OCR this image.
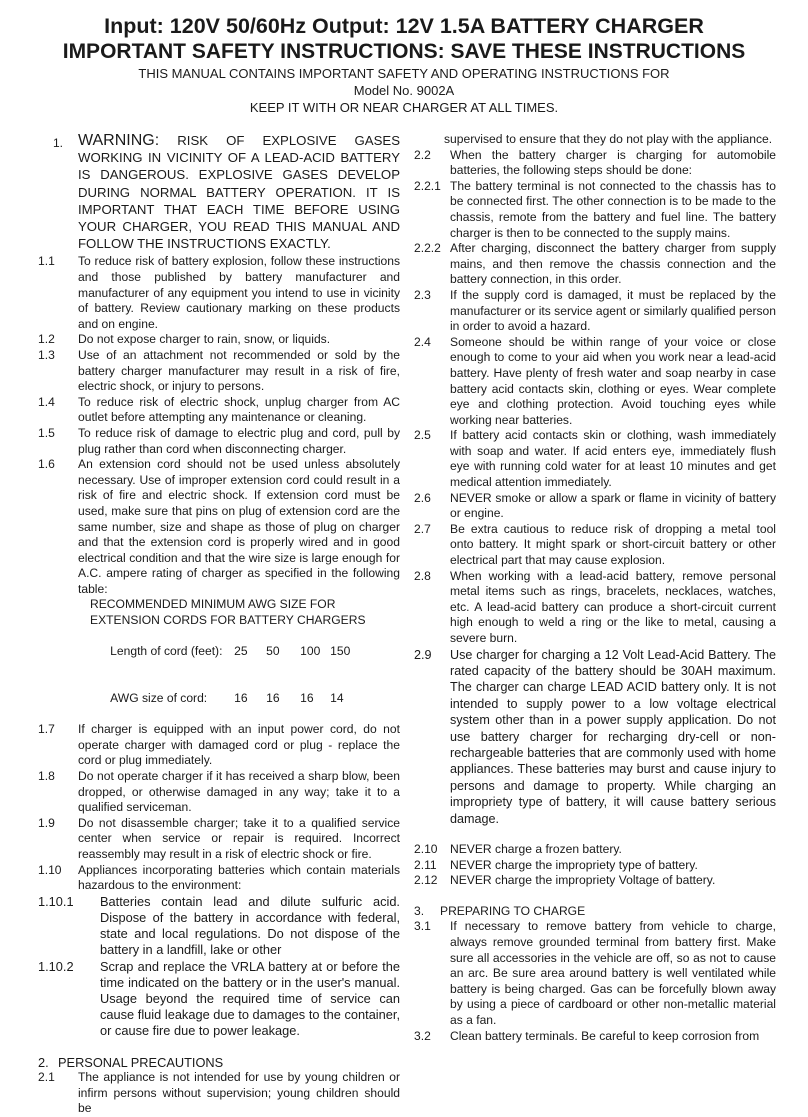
Input: 120V 50/60Hz Output: 12V 1.5A BATTERY CHARGER
IMPORTANT SAFETY INSTRUCTIONS: SAVE THESE INSTRUCTIONS
THIS MANUAL CONTAINS IMPORTANT SAFETY AND OPERATING INSTRUCTIONS FOR
Model No. 9002A
KEEP IT WITH OR NEAR CHARGER AT ALL TIMES.
1. WARNING: RISK OF EXPLOSIVE GASES WORKING IN VICINITY OF A LEAD-ACID BATTERY IS DANGEROUS. EXPLOSIVE GASES DEVELOP DURING NORMAL BATTERY OPERATION. IT IS IMPORTANT THAT EACH TIME BEFORE USING YOUR CHARGER, YOU READ THIS MANUAL AND FOLLOW THE INSTRUCTIONS EXACTLY.
1.1 To reduce risk of battery explosion, follow these instructions and those published by battery manufacturer and manufacturer of any equipment you intend to use in vicinity of battery. Review cautionary marking on these products and on engine.
1.2 Do not expose charger to rain, snow, or liquids.
1.3 Use of an attachment not recommended or sold by the battery charger manufacturer may result in a risk of fire, electric shock, or injury to persons.
1.4 To reduce risk of electric shock, unplug charger from AC outlet before attempting any maintenance or cleaning.
1.5 To reduce risk of damage to electric plug and cord, pull by plug rather than cord when disconnecting charger.
1.6 An extension cord should not be used unless absolutely necessary. Use of improper extension cord could result in a risk of fire and electric shock. If extension cord must be used, make sure that pins on plug of extension cord are the same number, size and shape as those of plug on charger and that the extension cord is properly wired and in good electrical condition and that the wire size is large enough for A.C. ampere rating of charger as specified in the following table:
RECOMMENDED MINIMUM AWG SIZE FOR
EXTENSION CORDS FOR BATTERY CHARGERS

Length of cord (feet): 25 50 100 150

AWG size of cord: 16 16 16 14

1.7 If charger is equipped with an input power cord, do not operate charger with damaged cord or plug - replace the cord or plug immediately.
1.8 Do not operate charger if it has received a sharp blow, been dropped, or otherwise damaged in any way; take it to a qualified serviceman.
1.9 Do not disassemble charger; take it to a qualified service center when service or repair is required. Incorrect reassembly may result in a risk of electric shock or fire.
1.10 Appliances incorporating batteries which contain materials hazardous to the environment:
1.10.1 Batteries contain lead and dilute sulfuric acid. Dispose of the battery in accordance with federal, state and local regulations. Do not dispose of the battery in a landfill, lake or other
1.10.2 Scrap and replace the VRLA battery at or before the time indicated on the battery or in the user's manual. Usage beyond the required time of service can cause fluid leakage due to damages to the container, or cause fire due to power leakage.
2. PERSONAL PRECAUTIONS
2.1 The appliance is not intended for use by young children or infirm persons without supervision; young children should be
supervised to ensure that they do not play with the appliance.
2.2 When the battery charger is charging for automobile batteries, the following steps should be done:
2.2.1 The battery terminal is not connected to the chassis has to be connected first. The other connection is to be made to the chassis, remote from the battery and fuel line. The battery charger is then to be connected to the supply mains.
2.2.2 After charging, disconnect the battery charger from supply mains, and then remove the chassis connection and the battery connection, in this order.
2.3 If the supply cord is damaged, it must be replaced by the manufacturer or its service agent or similarly qualified person in order to avoid a hazard.
2.4 Someone should be within range of your voice or close enough to come to your aid when you work near a lead-acid battery. Have plenty of fresh water and soap nearby in case battery acid contacts skin, clothing or eyes. Wear complete eye and clothing protection. Avoid touching eyes while working near batteries.
2.5 If battery acid contacts skin or clothing, wash immediately with soap and water. If acid enters eye, immediately flush eye with running cold water for at least 10 minutes and get medical attention immediately.
2.6 NEVER smoke or allow a spark or flame in vicinity of battery or engine.
2.7 Be extra cautious to reduce risk of dropping a metal tool onto battery. It might spark or short-circuit battery or other electrical part that may cause explosion.
2.8 When working with a lead-acid battery, remove personal metal items such as rings, bracelets, necklaces, watches, etc. A lead-acid battery can produce a short-circuit current high enough to weld a ring or the like to metal, causing a severe burn.
2.9 Use charger for charging a 12 Volt Lead-Acid Battery. The rated capacity of the battery should be 30AH maximum. The charger can charge LEAD ACID battery only. It is not intended to supply power to a low voltage electrical system other than in a power supply application. Do not use battery charger for recharging dry-cell or non-rechargeable batteries that are commonly used with home appliances. These batteries may burst and cause injury to persons and damage to property. While charging an impropriety type of battery, it will cause battery serious damage.
2.10 NEVER charge a frozen battery.
2.11 NEVER charge the impropriety type of battery.
2.12 NEVER charge the impropriety Voltage of battery.
3. PREPARING TO CHARGE
3.1 If necessary to remove battery from vehicle to charge, always remove grounded terminal from battery first. Make sure all accessories in the vehicle are off, so as not to cause an arc. Be sure area around battery is well ventilated while battery is being charged. Gas can be forcefully blown away by using a piece of cardboard or other non-metallic material as a fan.
3.2 Clean battery terminals. Be careful to keep corrosion from
